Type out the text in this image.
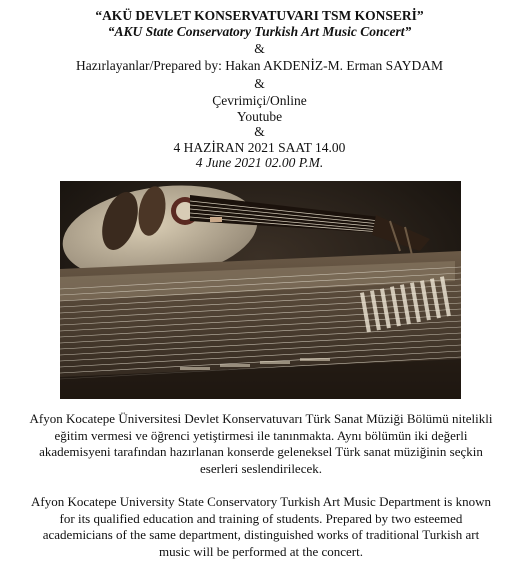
“AKÜ DEVLET KONSERVATUVARI TSM KONSERİ”
“AKU State Conservatory Turkish Art Music Concert”
&
Hazırlayanlar/Prepared by: Hakan AKDENİZ-M. Erman SAYDAM
&
Çevrimiçi/Online
Youtube
&
4 HAZİRAN 2021 SAAT 14.00
4 June 2021 02.00 P.M.
Afyon Kocatepe Üniversitesi Devlet Konservatuvarı Türk Sanat Müziği Bölümü nitelikli eğitim vermesi ve öğrenci yetiştirmesi ile tanınmakta. Aynı bölümün iki değerli akademisyeni tarafından hazırlanan konserde geleneksel Türk sanat müziğinin seçkin eserleri seslendirilecek.
Afyon Kocatepe University State Conservatory Turkish Art Music Department is known for its qualified education and training of students. Prepared by two esteemed academicians of the same department, distinguished works of traditional Turkish art music will be performed at the concert.
